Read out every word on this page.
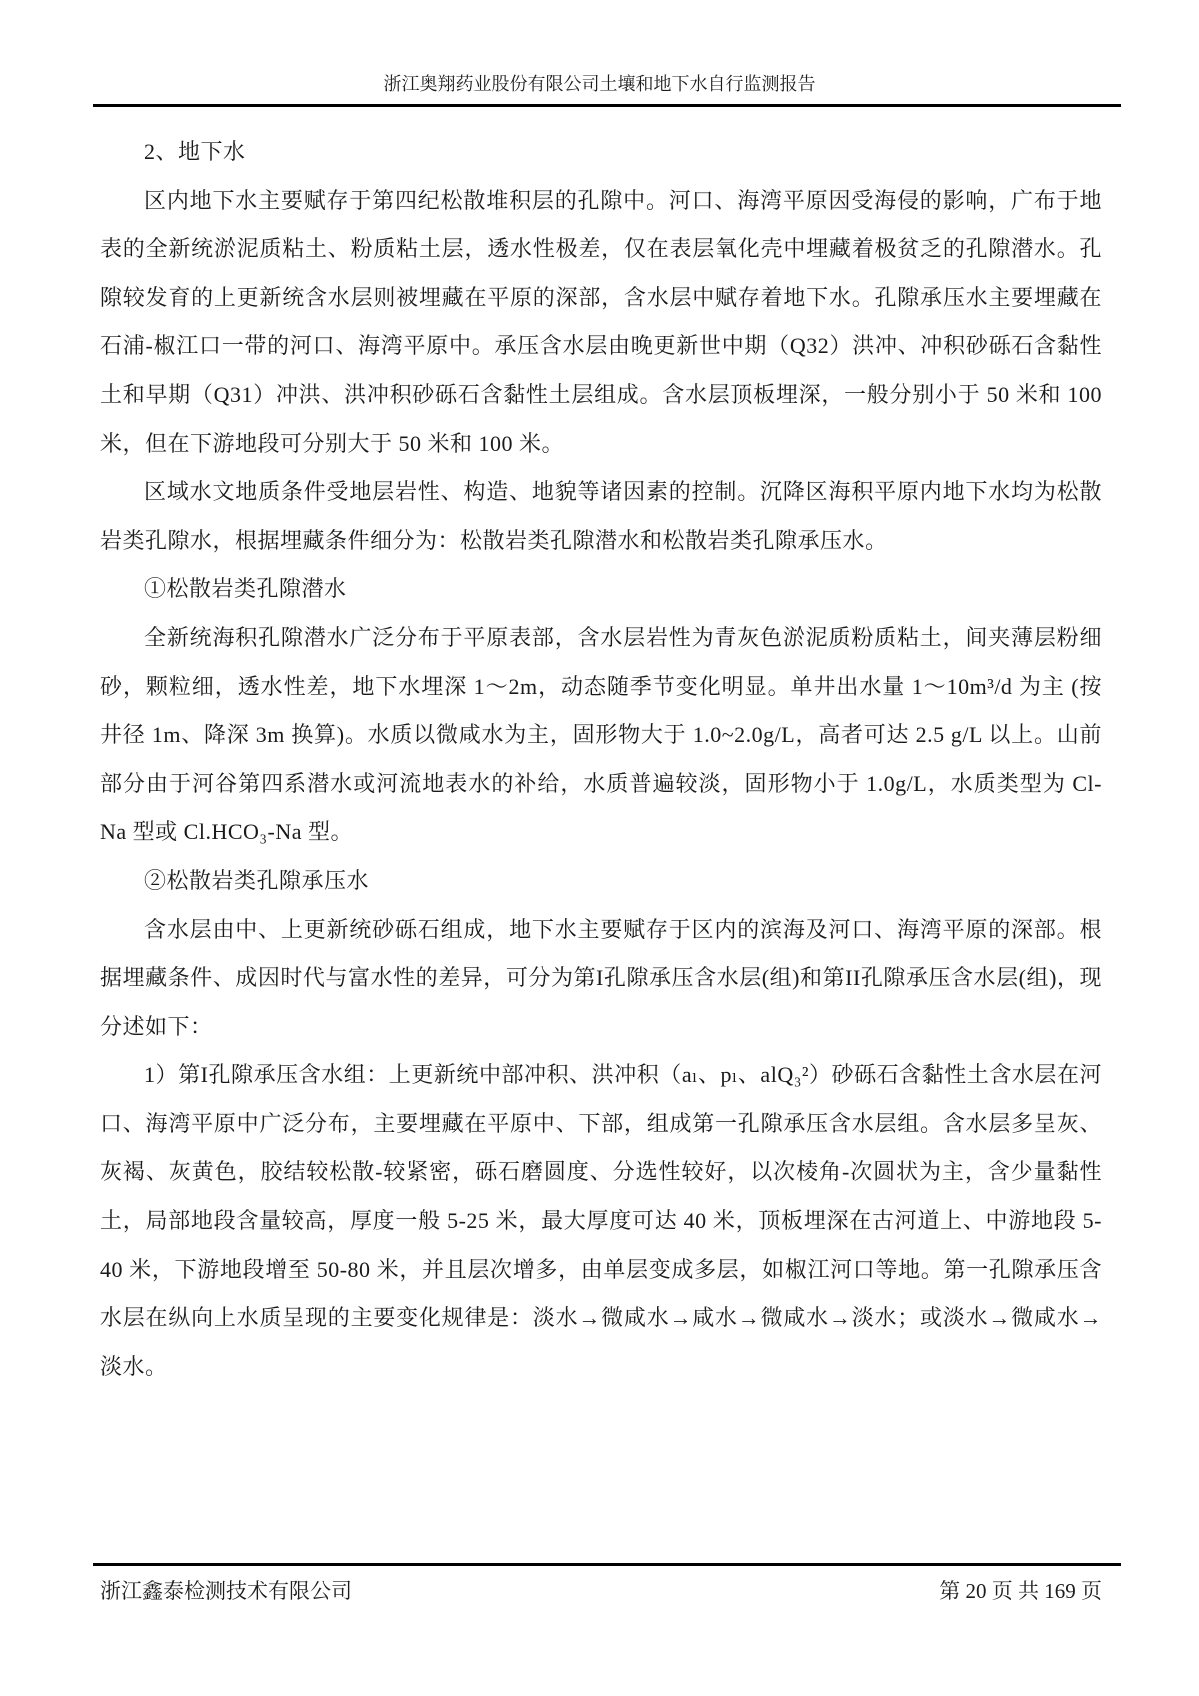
浙江奥翔药业股份有限公司土壤和地下水自行监测报告

2、地下水

区内地下水主要赋存于第四纪松散堆积层的孔隙中。河口、海湾平原因受海侵的影响，广布于地表的全新统淤泥质粘土、粉质粘土层，透水性极差，仅在表层氧化壳中埋藏着极贫乏的孔隙潜水。孔隙较发育的上更新统含水层则被埋藏在平原的深部，含水层中赋存着地下水。孔隙承压水主要埋藏在石浦-椒江口一带的河口、海湾平原中。承压含水层由晚更新世中期（Q32）洪冲、冲积砂砾石含黏性土和早期（Q31）冲洪、洪冲积砂砾石含黏性土层组成。含水层顶板埋深，一般分别小于 50 米和 100 米，但在下游地段可分别大于 50 米和 100 米。

区域水文地质条件受地层岩性、构造、地貌等诸因素的控制。沉降区海积平原内地下水均为松散岩类孔隙水，根据埋藏条件细分为：松散岩类孔隙潜水和松散岩类孔隙承压水。

①松散岩类孔隙潜水

全新统海积孔隙潜水广泛分布于平原表部，含水层岩性为青灰色淤泥质粉质粘土，间夹薄层粉细砂，颗粒细，透水性差，地下水埋深 1～2m，动态随季节变化明显。单井出水量 1～10m³/d 为主 (按井径 1m、降深 3m 换算)。水质以微咸水为主，固形物大于 1.0~2.0g/L，高者可达 2.5 g/L 以上。山前部分由于河谷第四系潜水或河流地表水的补给，水质普遍较淡，固形物小于 1.0g/L，水质类型为 Cl-Na 型或 Cl.HCO₃-Na 型。

②松散岩类孔隙承压水

含水层由中、上更新统砂砾石组成，地下水主要赋存于区内的滨海及河口、海湾平原的深部。根据埋藏条件、成因时代与富水性的差异，可分为第I孔隙承压含水层(组)和第II孔隙承压含水层(组)，现分述如下：

1）第I孔隙承压含水组：上更新统中部冲积、洪冲积（aₗ、pₗ、alQ₃²）砂砾石含黏性土含水层在河口、海湾平原中广泛分布，主要埋藏在平原中、下部，组成第一孔隙承压含水层组。含水层多呈灰、灰褐、灰黄色，胶结较松散-较紧密，砾石磨圆度、分选性较好，以次棱角-次圆状为主，含少量黏性土，局部地段含量较高，厚度一般 5-25 米，最大厚度可达 40 米，顶板埋深在古河道上、中游地段 5-40 米，下游地段增至 50-80 米，并且层次增多，由单层变成多层，如椒江河口等地。第一孔隙承压含水层在纵向上水质呈现的主要变化规律是：淡水→微咸水→咸水→微咸水→淡水；或淡水→微咸水→淡水。

浙江鑫泰检测技术有限公司	第 20 页 共 169 页
